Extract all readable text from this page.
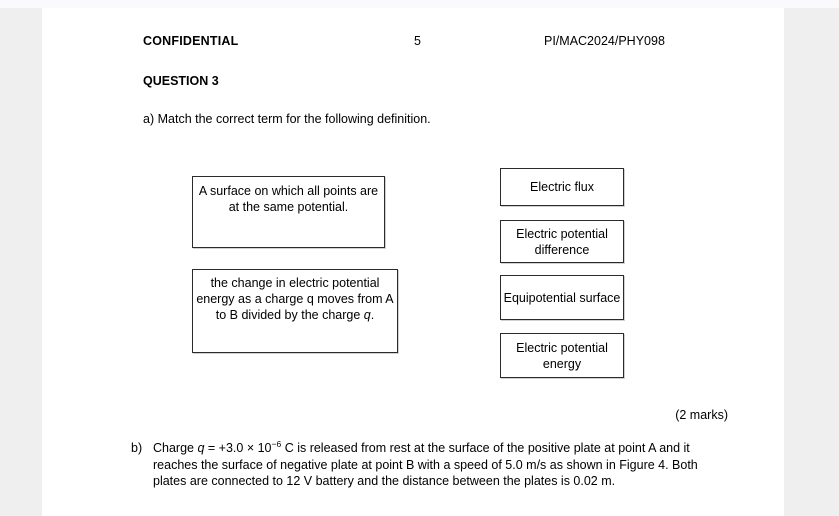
CONFIDENTIAL	5	PI/MAC2024/PHY098
QUESTION 3
a) Match the correct term for the following definition.
A surface on which all points are at the same potential.
the change in electric potential energy as a charge q moves from A to B divided by the charge q.
Electric flux
Electric potential difference
Equipotential surface
Electric potential energy
(2 marks)
b) Charge $q = +3.0 \times 10^{-6}$ C is released from rest at the surface of the positive plate at point A and it reaches the surface of negative plate at point B with a speed of 5.0 m/s as shown in Figure 4. Both plates are connected to 12 V battery and the distance between the plates is 0.02 m.
